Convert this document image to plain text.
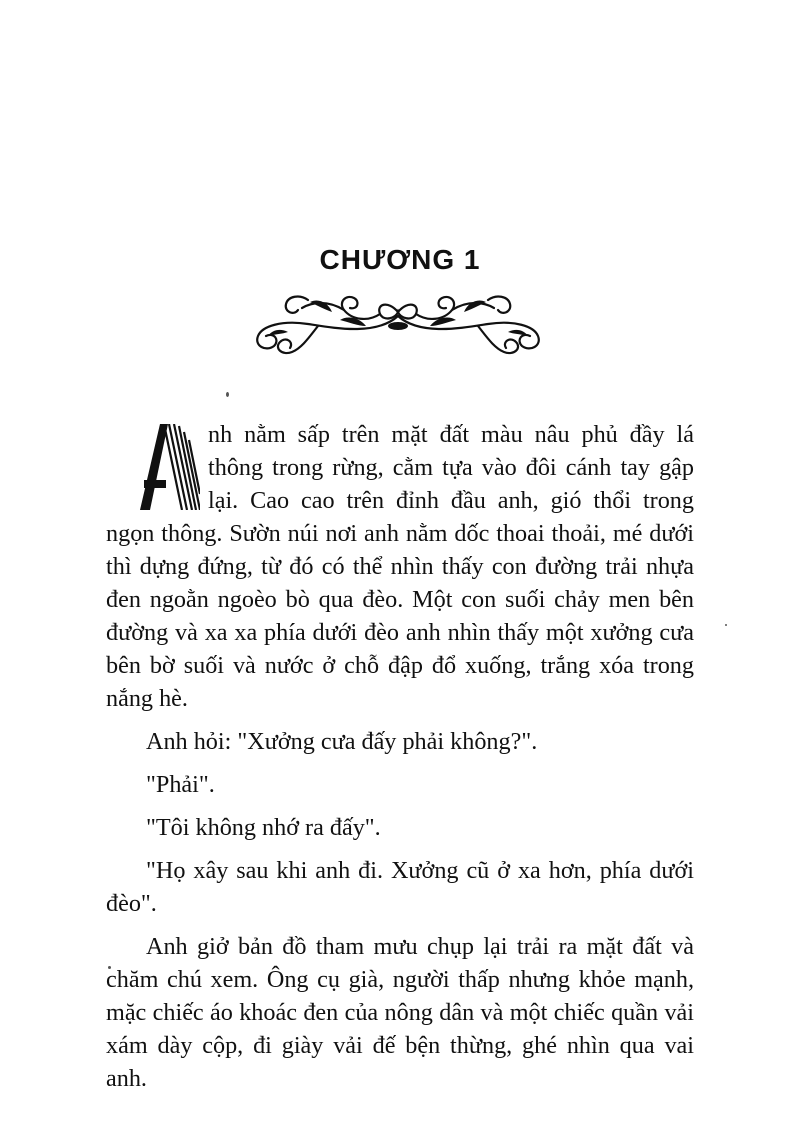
CHƯƠNG 1

nh nằm sấp trên mặt đất màu nâu phủ đầy lá thông trong rừng, cằm tựa vào đôi cánh tay gập lại. Cao cao trên đỉnh đầu anh, gió thổi trong ngọn thông. Sườn núi nơi anh nằm dốc thoai thoải, mé dưới thì dựng đứng, từ đó có thể nhìn thấy con đường trải nhựa đen ngoằn ngoèo bò qua đèo. Một con suối chảy men bên đường và xa xa phía dưới đèo anh nhìn thấy một xưởng cưa bên bờ suối và nước ở chỗ đập đổ xuống, trắng xóa trong nắng hè.

Anh hỏi: "Xưởng cưa đấy phải không?".

"Phải".

"Tôi không nhớ ra đấy".

"Họ xây sau khi anh đi. Xưởng cũ ở xa hơn, phía dưới đèo".

Anh giở bản đồ tham mưu chụp lại trải ra mặt đất và chăm chú xem. Ông cụ già, người thấp nhưng khỏe mạnh, mặc chiếc áo khoác đen của nông dân và một chiếc quần vải xám dày cộp, đi giày vải đế bện thừng, ghé nhìn qua vai anh.
